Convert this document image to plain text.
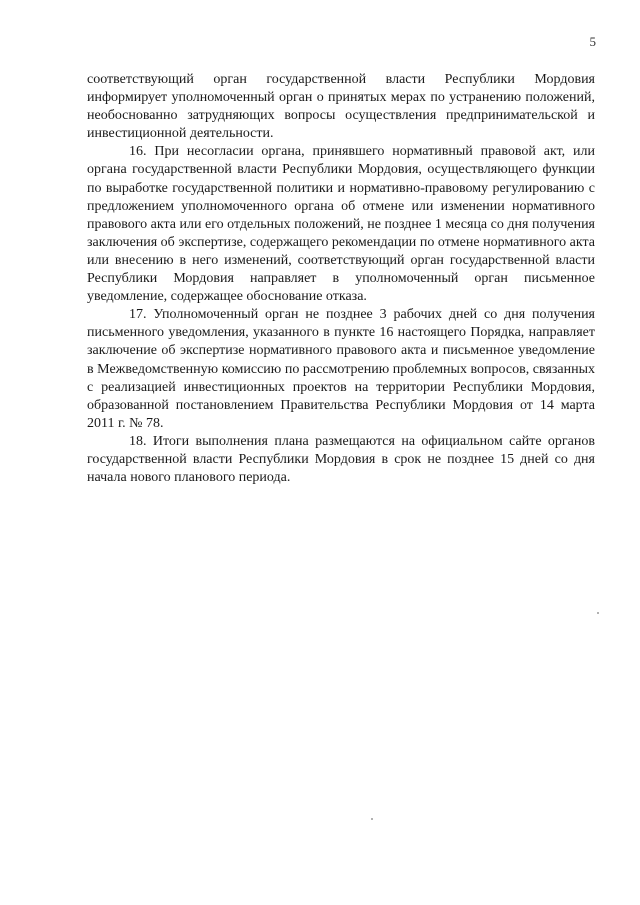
5

соответствующий орган государственной власти Республики Мордовия информирует уполномоченный орган о принятых мерах по устранению положений, необоснованно затрудняющих вопросы осуществления предпринимательской и инвестиционной деятельности.

16. При несогласии органа, принявшего нормативный правовой акт, или органа государственной власти Республики Мордовия, осуществляющего функции по выработке государственной политики и нормативно-правовому регулированию с предложением уполномоченного органа об отмене или изменении нормативного правового акта или его отдельных положений, не позднее 1 месяца со дня получения заключения об экспертизе, содержащего рекомендации по отмене нормативного акта или внесению в него изменений, соответствующий орган государственной власти Республики Мордовия направляет в уполномоченный орган письменное уведомление, содержащее обоснование отказа.

17. Уполномоченный орган не позднее 3 рабочих дней со дня получения письменного уведомления, указанного в пункте 16 настоящего Порядка, направляет заключение об экспертизе нормативного правового акта и письменное уведомление в Межведомственную комиссию по рассмотрению проблемных вопросов, связанных с реализацией инвестиционных проектов на территории Республики Мордовия, образованной постановлением Правительства Республики Мордовия от 14 марта 2011 г. № 78.

18. Итоги выполнения плана размещаются на официальном сайте органов государственной власти Республики Мордовия в срок не позднее 15 дней со дня начала нового планового периода.
